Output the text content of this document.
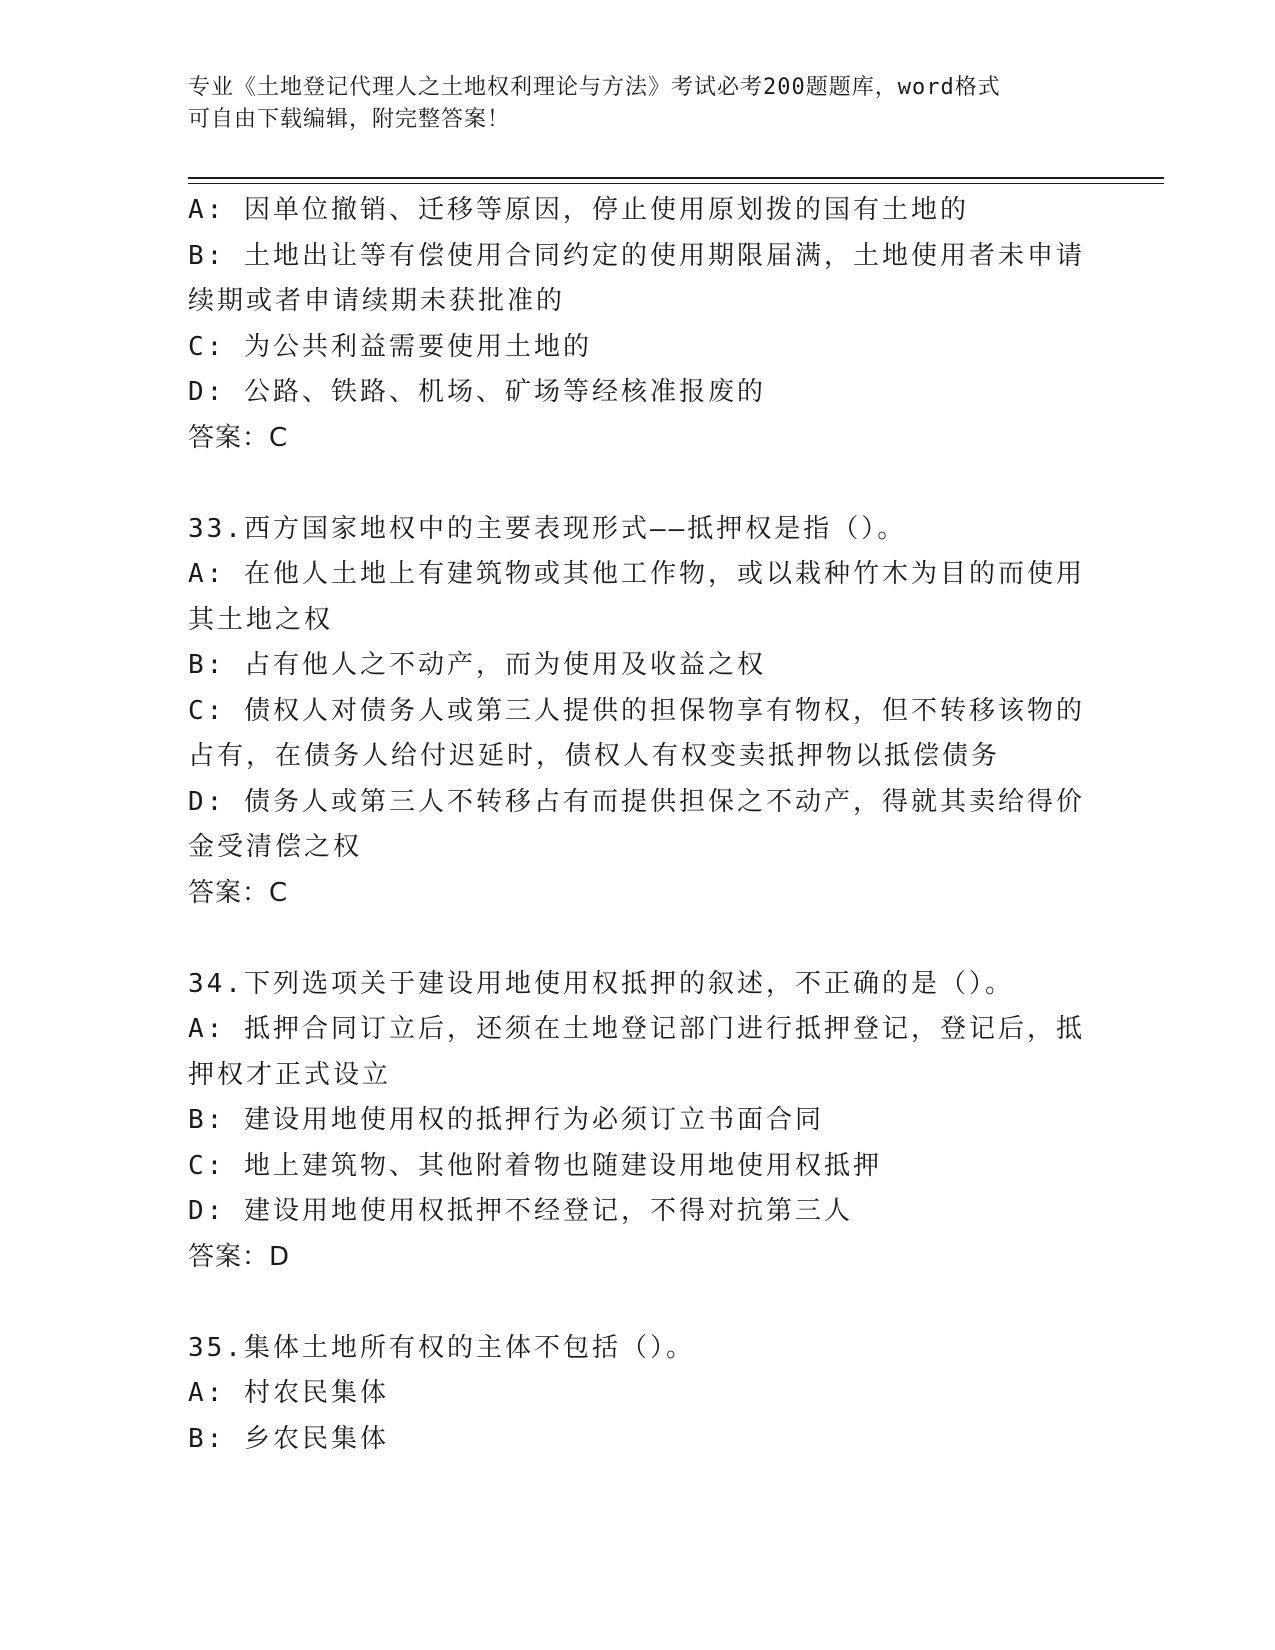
专业《土地登记代理人之土地权利理论与方法》考试必考200题题库，word格式
可自由下载编辑，附完整答案！
A: 因单位撤销、迁移等原因，停止使用原划拨的国有土地的
B: 土地出让等有偿使用合同约定的使用期限届满，土地使用者未申请
续期或者申请续期未获批准的
C: 为公共利益需要使用土地的
D: 公路、铁路、机场、矿场等经核准报废的
答案：C
33.西方国家地权中的主要表现形式——抵押权是指（）。
A: 在他人土地上有建筑物或其他工作物，或以栽种竹木为目的而使用
其土地之权
B: 占有他人之不动产，而为使用及收益之权
C: 债权人对债务人或第三人提供的担保物享有物权，但不转移该物的
占有，在债务人给付迟延时，债权人有权变卖抵押物以抵偿债务
D: 债务人或第三人不转移占有而提供担保之不动产，得就其卖给得价
金受清偿之权
答案：C
34.下列选项关于建设用地使用权抵押的叙述，不正确的是（）。
A: 抵押合同订立后，还须在土地登记部门进行抵押登记，登记后，抵
押权才正式设立
B: 建设用地使用权的抵押行为必须订立书面合同
C: 地上建筑物、其他附着物也随建设用地使用权抵押
D: 建设用地使用权抵押不经登记，不得对抗第三人
答案：D
35.集体土地所有权的主体不包括（）。
A: 村农民集体
B: 乡农民集体
